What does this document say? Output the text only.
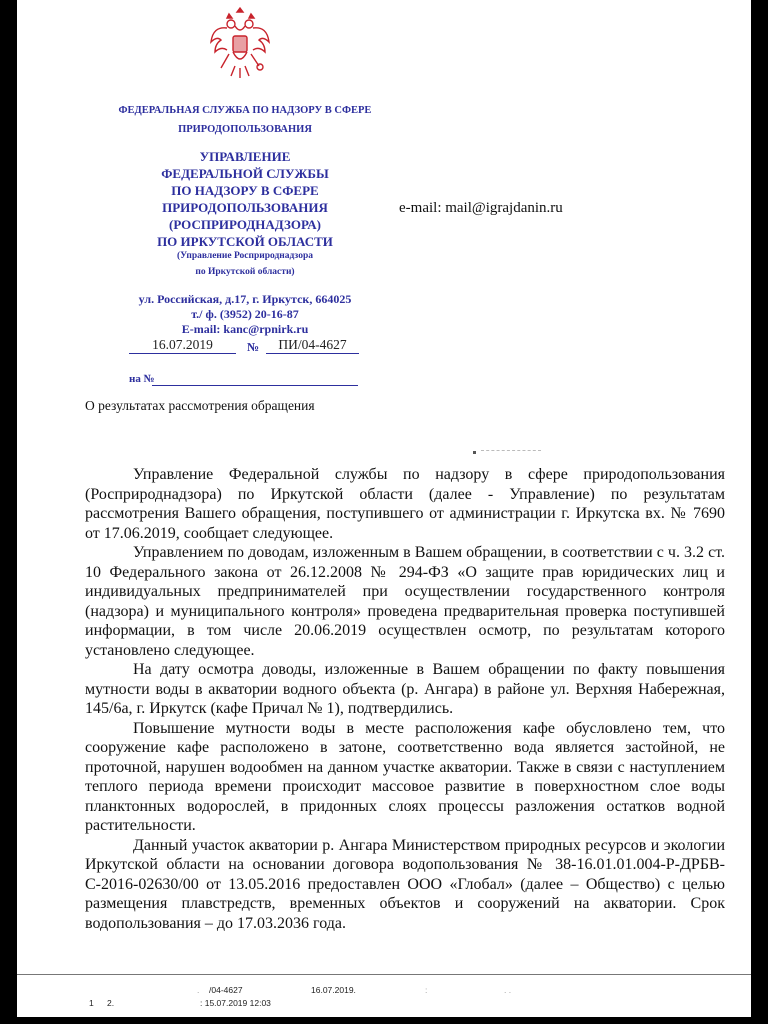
ФЕДЕРАЛЬНАЯ СЛУЖБА ПО НАДЗОРУ В СФЕРЕ
ПРИРОДОПОЛЬЗОВАНИЯ
УПРАВЛЕНИЕ
ФЕДЕРАЛЬНОЙ СЛУЖБЫ
ПО НАДЗОРУ В СФЕРЕ
ПРИРОДОПОЛЬЗОВАНИЯ
(РОСПРИРОДНАДЗОРА)
ПО ИРКУТСКОЙ ОБЛАСТИ
(Управление Росприроднадзора
по Иркутской области)
ул. Российская, д.17, г. Иркутск, 664025
т./ ф. (3952) 20-16-87
E-mail: kanc@rpnirk.ru
e-mail: mail@igrajdanin.ru
16.07.2019	№	ПИ/04-4627
на №
О результатах рассмотрения обращения

Управление Федеральной службы по надзору в сфере природопользования (Росприроднадзора) по Иркутской области (далее - Управление) по результатам рассмотрения Вашего обращения, поступившего от администрации г. Иркутска вх. № 7690 от 17.06.2019, сообщает следующее.

Управлением по доводам, изложенным в Вашем обращении, в соответствии с ч. 3.2 ст. 10 Федерального закона от 26.12.2008 № 294-ФЗ «О защите прав юридических лиц и индивидуальных предпринимателей при осуществлении государственного контроля (надзора) и муниципального контроля» проведена предварительная проверка поступившей информации, в том числе 20.06.2019 осуществлен осмотр, по результатам которого установлено следующее.

На дату осмотра доводы, изложенные в Вашем обращении по факту повышения мутности воды в акватории водного объекта (р. Ангара) в районе ул. Верхняя Набережная, 145/6а, г. Иркутск (кафе Причал № 1), подтвердились.

Повышение мутности воды в месте расположения кафе обусловлено тем, что сооружение кафе расположено в затоне, соответственно вода является застойной, не проточной, нарушен водообмен на данном участке акватории. Также в связи с наступлением теплого периода времени происходит массовое развитие в поверхностном слое воды планктонных водорослей, в придонных слоях процессы разложения остатков водной растительности.

Данный участок акватории р. Ангара Министерством природных ресурсов и экологии Иркутской области на основании договора водопользования № 38-16.01.01.004-Р-ДРБВ-С-2016-02630/00 от 13.05.2016 предоставлен ООО «Глобал» (далее – Общество) с целью размещения плавстредств, временных объектов и сооружений на акватории. Срок водопользования – до 17.03.2036 года.

. /04-4627	16.07.2019.	:	. .
1 2.	: 15.07.2019 12:03
